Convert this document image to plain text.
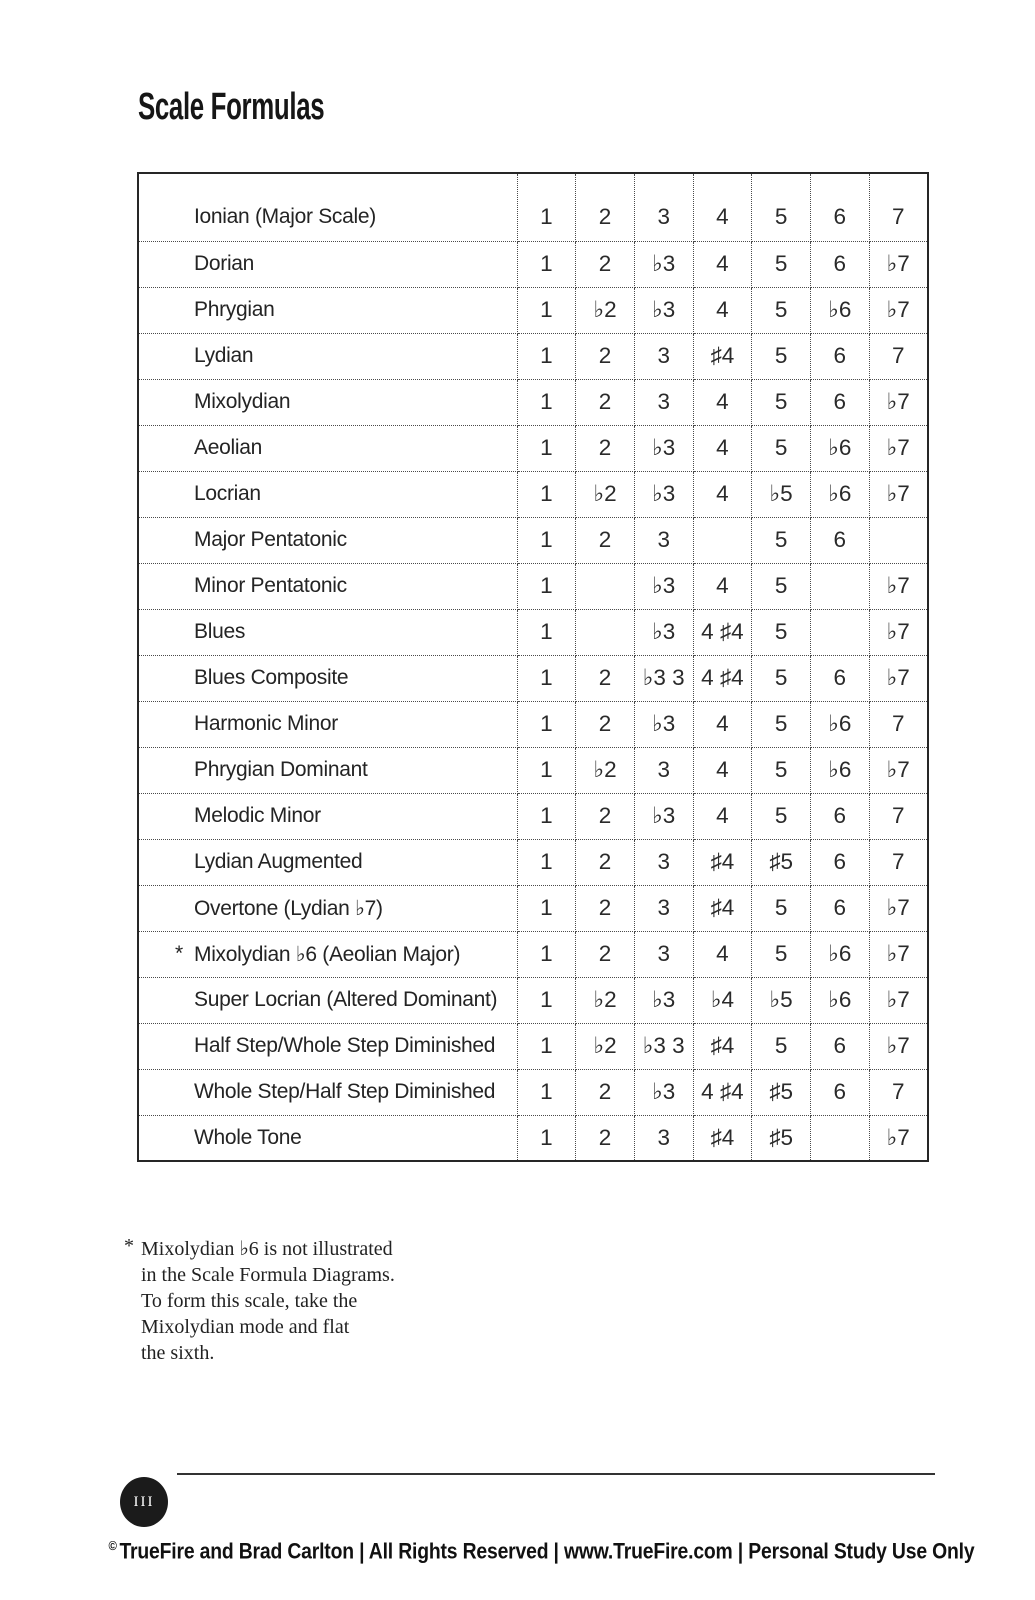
Scale Formulas
Ionian (Major Scale)	1	2	3	4	5	6	7

Dorian	1	2	♭3	4	5	6	♭7

Phrygian	1	♭2	♭3	4	5	♭6	♭7

Lydian	1	2	3	♯4	5	6	7

Mixolydian	1	2	3	4	5	6	♭7

Aeolian	1	2	♭3	4	5	♭6	♭7

Locrian	1	♭2	♭3	4	♭5	♭6	♭7

Major Pentatonic	1	2	3		5	6	

Minor Pentatonic	1		♭3	4	5		♭7

Blues	1		♭3	4 ♯4	5		♭7

Blues Composite	1	2	♭3 3	4 ♯4	5	6	♭7

Harmonic Minor	1	2	♭3	4	5	♭6	7

Phrygian Dominant	1	♭2	3	4	5	♭6	♭7

Melodic Minor	1	2	♭3	4	5	6	7

Lydian Augmented	1	2	3	♯4	♯5	6	7

Overtone (Lydian ♭7)	1	2	3	♯4	5	6	♭7

* Mixolydian ♭6 (Aeolian Major)	1	2	3	4	5	♭6	♭7

Super Locrian (Altered Dominant)	1	♭2	♭3	♭4	♭5	♭6	♭7

Half Step/Whole Step Diminished	1	♭2	♭3 3	♯4	5	6	♭7

Whole Step/Half Step Diminished	1	2	♭3	4 ♯4	♯5	6	7

Whole Tone	1	2	3	♯4	♯5		♭7
* Mixolydian ♭6 is not illustrated
in the Scale Formula Diagrams.
To form this scale, take the
Mixolydian mode and flat
the sixth.
III
© TrueFire and Brad Carlton | All Rights Reserved | www.TrueFire.com | Personal Study Use Only
